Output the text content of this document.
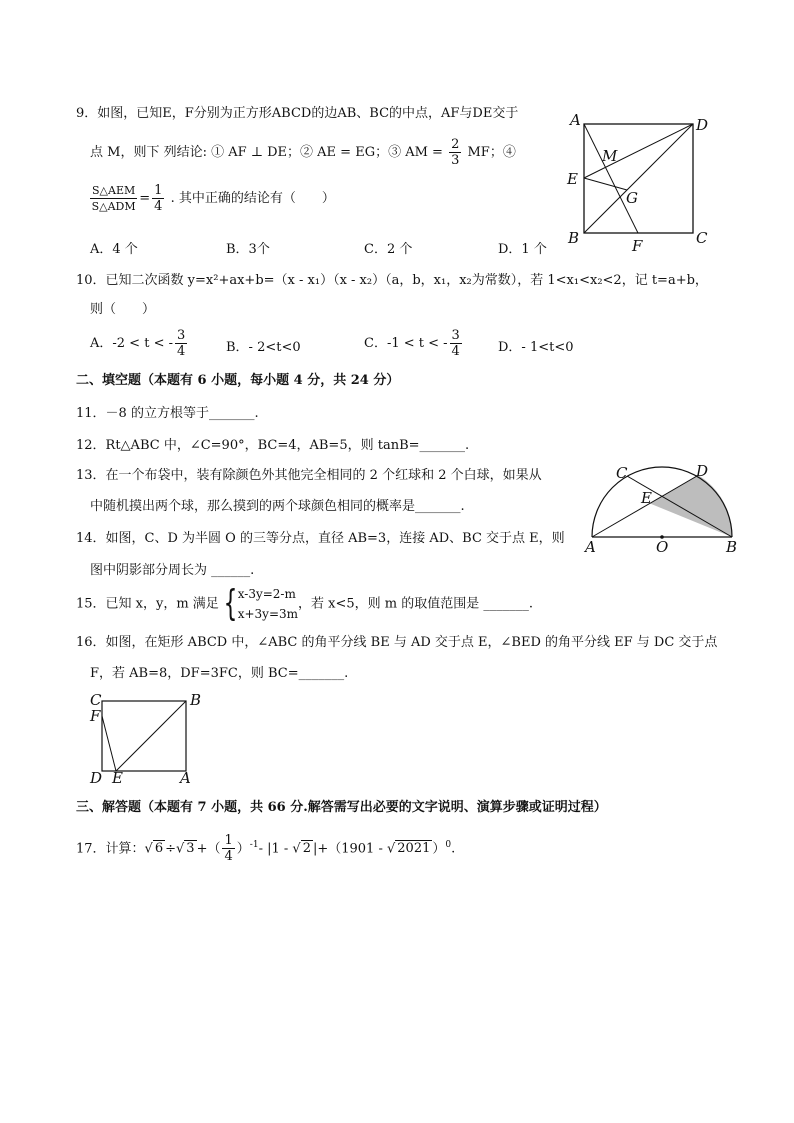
9．如图，已知E，F分别为正方形ABCD的边AB、BC的中点，AF与DE交于
点 M，则下 列结论: ① AF ⊥ DE；② AE = EG；③ AM = $\frac{2}{3}$ MF；④
$\frac{\text{S△AEM}}{\text{S△ADM}} = \frac{1}{4}$ . 其中正确的结论有（　　）
A．4 个	B．3个	C．2 个	D．1 个
A	D
M
E
G
B	F	C
10．已知二次函数 y=x²+ax+b=（x - x₁）（x - x₂）（a，b，x₁，x₂为常数），若 1<x₁<x₂<2，记 t=a+b，
则（　　）
A．-2 < t < - $\frac{3}{4}$	B．- 2<t<0	C．-1 < t < - $\frac{3}{4}$	D．- 1<t<0
二、填空题（本题有 6 小题，每小题 4 分，共 24 分）
11．－8 的立方根等于_______.
12．Rt△ABC 中，∠C=90°，BC=4，AB=5，则 tanB=_______.
13．在一个布袋中，装有除颜色外其他完全相同的 2 个红球和 2 个白球，如果从
中随机摸出两个球，那么摸到的两个球颜色相同的概率是_______.
14．如图，C、D 为半圆 O 的三等分点，直径 AB=3，连接 AD、BC 交于点 E，则
图中阴影部分周长为 ______.
C	D
E
A	O	B
15．已知 x，y，m 满足 { x-3y=2-m
x+3y=3m
，若 x<5，则 m 的取值范围是 _______.
16．如图，在矩形 ABCD 中，∠ABC 的角平分线 BE 与 AD 交于点 E，∠BED 的角平分线 EF 与 DC 交于点
F，若 AB=8，DF=3FC，则 BC=_______.
C	B
F
D E	A
三、解答题（本题有 7 小题，共 66 分.解答需写出必要的文字说明、演算步骤或证明过程）
17．计算：√ 6 ÷√ 3 +（ $\frac{1}{4} )^{-1}-$ |1 - √ 2 |+（1901 - √ 2021 ）$^0$.
